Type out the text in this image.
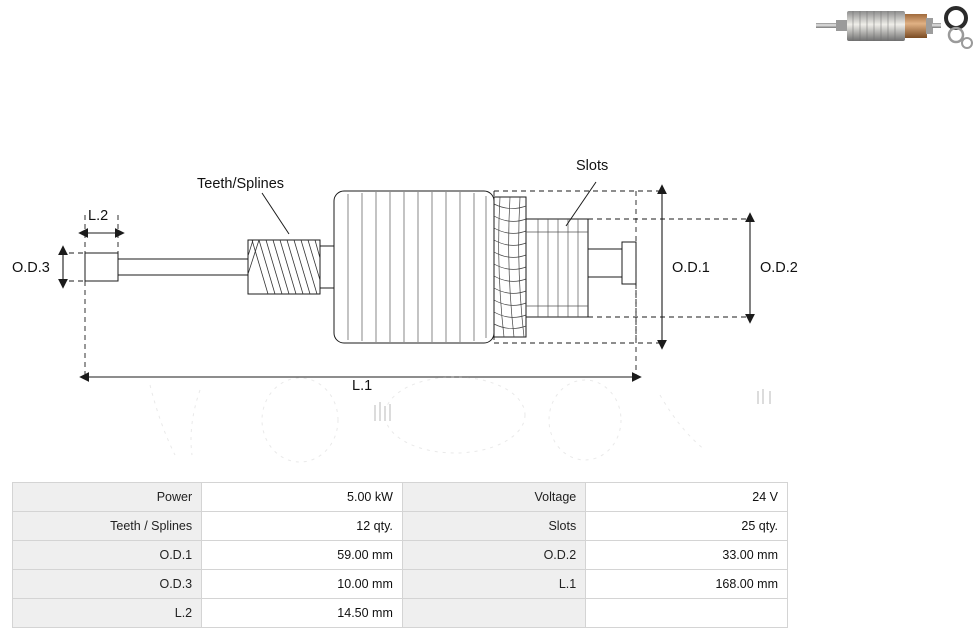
Teeth/Splines
Slots
O.D.1	O.D.2
O.D.3
L.1
L.2
Power	5.00 kW	Voltage	24 V
Teeth / Splines	12 qty.	Slots	25 qty.
O.D.1	59.00 mm	O.D.2	33.00 mm
O.D.3	10.00 mm	L.1	168.00 mm
L.2	14.50 mm		
